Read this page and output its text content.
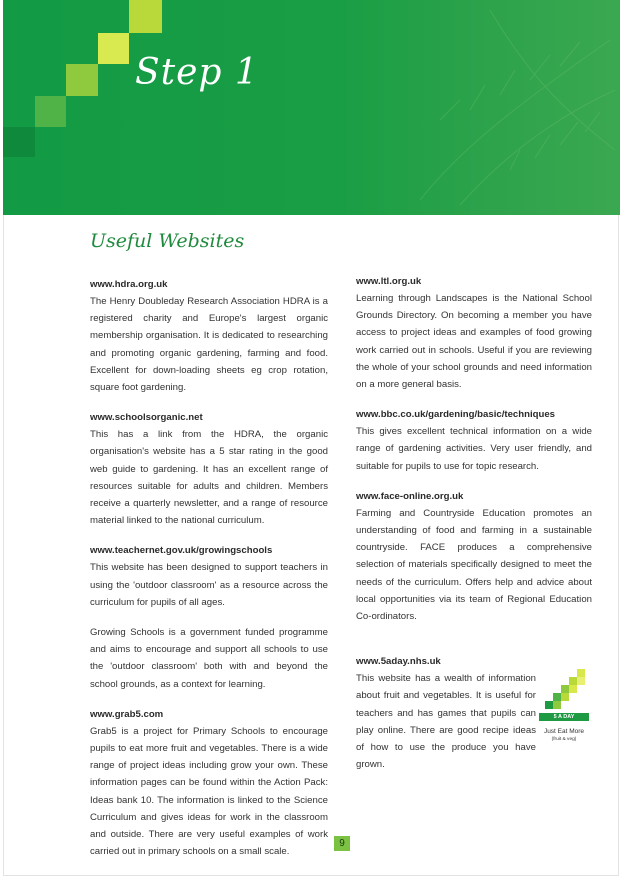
Step 1
Useful Websites
www.hdra.org.uk
The Henry Doubleday Research Association HDRA is a registered charity and Europe's largest organic membership organisation. It is dedicated to researching and promoting organic gardening, farming and food. Excellent for down-loading sheets eg crop rotation, square foot gardening.
www.schoolsorganic.net
This has a link from the HDRA, the organic organisation's website has a 5 star rating in the good web guide to gardening. It has an excellent range of resources suitable for adults and children. Members receive a quarterly newsletter, and a range of resource material linked to the national curriculum.
www.teachernet.gov.uk/growingschools
This website has been designed to support teachers in using the 'outdoor classroom' as a resource across the curriculum for pupils of all ages.
Growing Schools is a government funded programme and aims to encourage and support all schools to use the 'outdoor classroom' both with and beyond the school grounds, as a context for learning.
www.grab5.com
Grab5 is a project for Primary Schools to encourage pupils to eat more fruit and vegetables. There is a wide range of project ideas including grow your own. These information pages can be found within the Action Pack: Ideas bank 10. The information is linked to the Science Curriculum and gives ideas for work in the classroom and outside. There are very useful examples of work carried out in primary schools on a small scale.
www.ltl.org.uk
Learning through Landscapes is the National School Grounds Directory. On becoming a member you have access to project ideas and examples of food growing work carried out in schools. Useful if you are reviewing the whole of your school grounds and need information on a more general basis.
www.bbc.co.uk/gardening/basic/techniques
This gives excellent technical information on a wide range of gardening activities. Very user friendly, and suitable for pupils to use for topic research.
www.face-online.org.uk
Farming and Countryside Education promotes an understanding of food and farming in a sustainable countryside. FACE produces a comprehensive selection of materials specifically designed to meet the needs of the curriculum. Offers help and advice about local opportunities via its team of Regional Education Co-ordinators.
www.5aday.nhs.uk
This website has a wealth of information about fruit and vegetables. It is useful for teachers and has games that pupils can play online. There are good recipe ideas of how to use the produce you have grown.
5 A DAY
Just Eat More
(fruit & veg)
9
